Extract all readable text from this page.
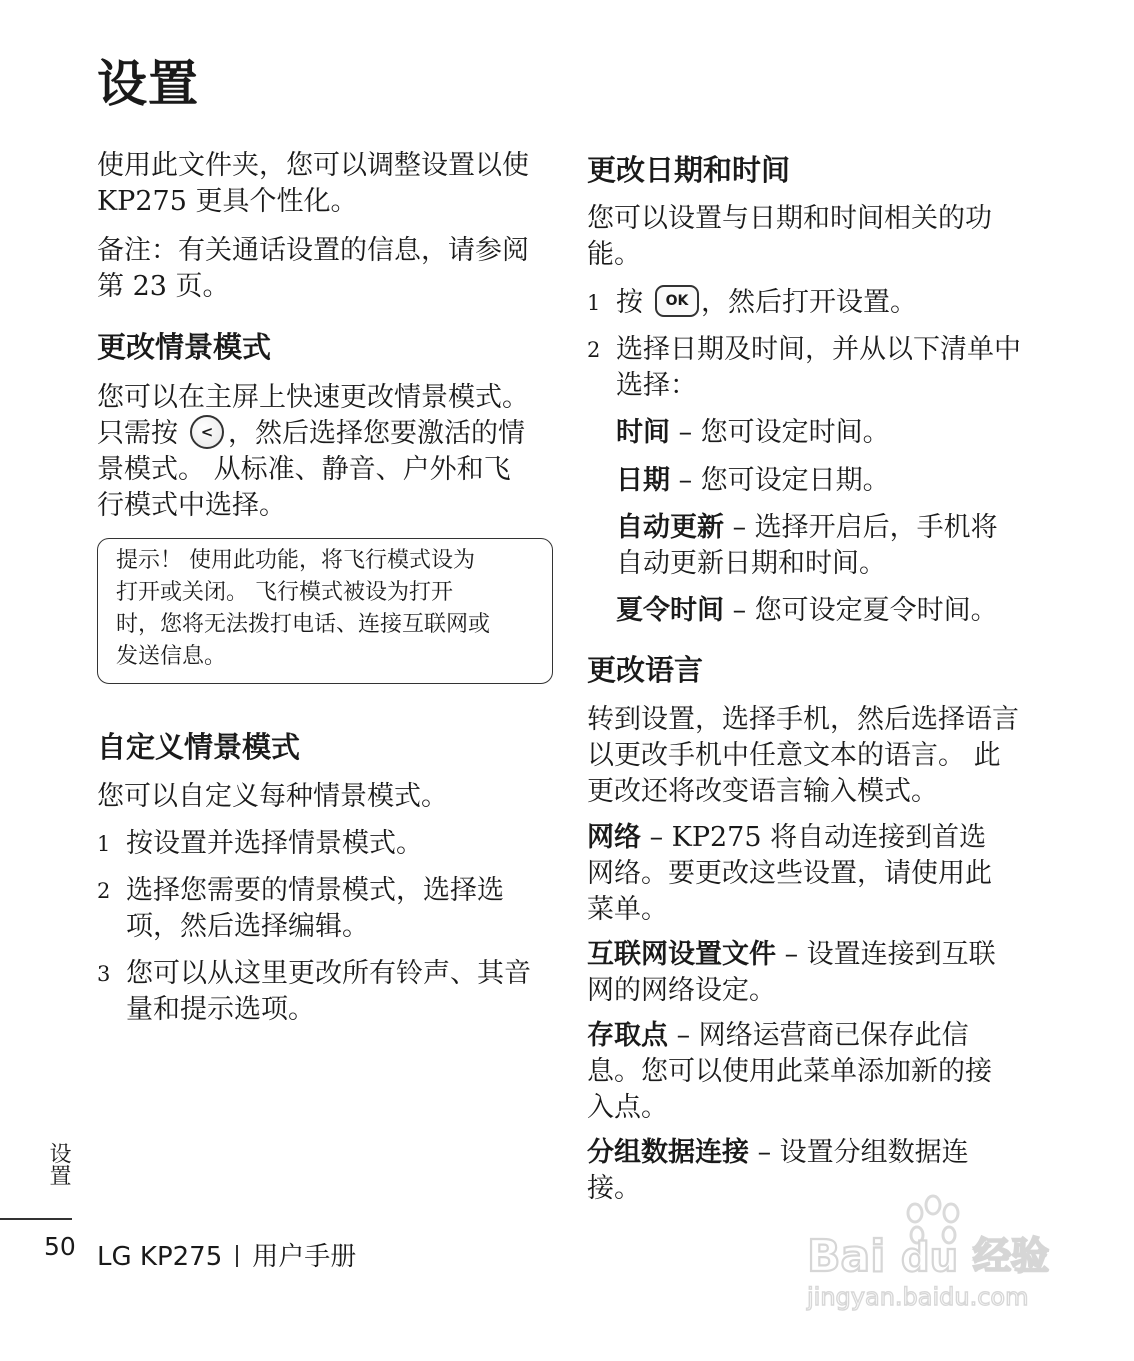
设置

使用此文件夹，您可以调整设置以使 KP275 更具个性化。

备注：有关通话设置的信息，请参阅第 23 页。

更改情景模式

您可以在主屏上快速更改情景模式。

只需按 < ，然后选择您要激活的情

景模式。 从标准、静音、户外和飞

行模式中选择。

提示！ 使用此功能，将飞行模式设为

打开或关闭。 飞行模式被设为打开

时，您将无法拨打电话、连接互联网或

发送信息。

自定义情景模式

您可以自定义每种情景模式。

1 按设置并选择情景模式。
2 选择您需要的情景模式，选择选
项，然后选择编辑。
3 您可以从这里更改所有铃声、其音
量和提示选项。
更改日期和时间

您可以设置与日期和时间相关的功

能。

1 按 OK ，然后打开设置。
2 选择日期及时间，并从以下清单中
选择：

时间 – 您可设定时间。

日期 – 您可设定日期。

自动更新 – 选择开启后，手机将

自动更新日期和时间。

夏令时间 – 您可设定夏令时间。

更改语言

转到设置，选择手机，然后选择语言

以更改手机中任意文本的语言。 此

更改还将改变语言输入模式。

网络 – KP275 将自动连接到首选

网络。要更改这些设置，请使用此

菜单。

互联网设置文件 – 设置连接到互联

网的网络设定。

存取点 – 网络运营商已保存此信

息。您可以使用此菜单添加新的接

入点。

分组数据连接 – 设置分组数据连

接。

设置
50 LG KP275 用户手册	Bai du 经验
jingyan.baidu.com
